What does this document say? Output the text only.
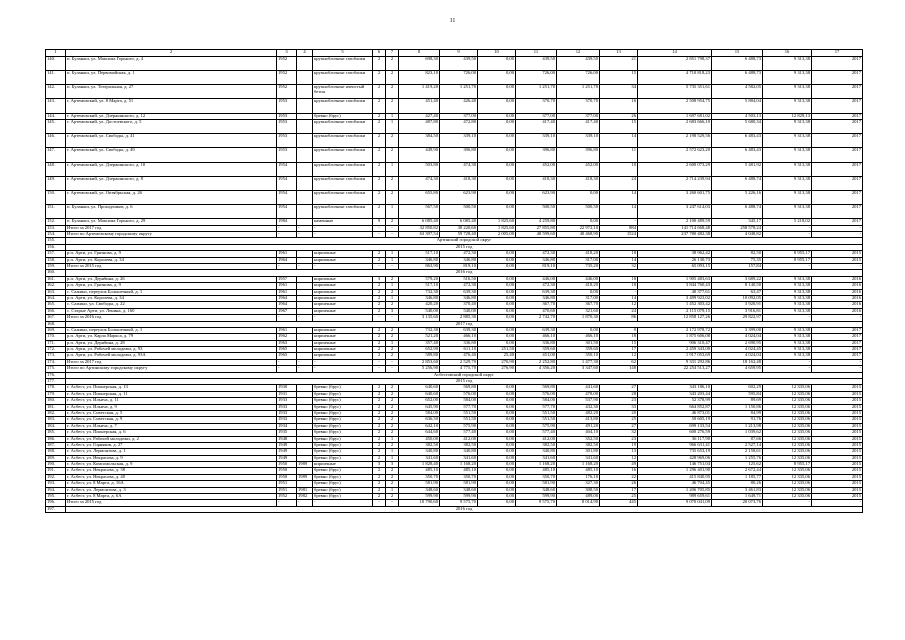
11
1	2	3	4	5	6	7	8	9	10	11	12	13	14	15	16	17
140.	п. Буланаш, ул. Максима Горького, д. 4	1952		крупноблочные газоблоки	2	2	698,30	439,50	0,00	439,50	439,50	21	2 851 798,37	6 488,73	9 313,38	2017
141.	п. Буланаш, ул. Первомайская, д. 1	1952		крупноблочные газоблоки	2	2	823,10	726,00	0,00	726,00	726,00	15	4 710 818,23	6 488,73	9 313,38	2017
142.	п. Буланаш, ул. Театральная, д. 27	1952		крупноблочные ячеистый бетон	2	2	1 419,20	1 251,70	0,00	1 251,70	1 251,70	34	5 735 351,61	4 582,05	9 313,38	2017
143.	г. Артемовский, ул. 8 Марта, д. 51	1953		крупноблочные газоблоки	2	2	451,40	426,40	0,00	370,70	370,70	16	2 508 954,75	5 884,04	9 313,38	2017
144.	г. Артемовский, ул. Дзержинского, д. 12	1953		бревно (брус)	2	1	427,40	377,00	0,00	377,00	377,00	26	1 697 681,02	4 503,13	12 829,13	2017
145.	г. Артемовский, ул. Достоевского, д. 5	1953		крупноблочные газоблоки	2	1	487,80	472,80	0,00	417,40	417,40	15	2 683 666,10	5 680,34	9 313,38	2017
146.	г. Артемовский, ул. Свободы, д. 41	1953		крупноблочные газоблоки	2	2	384,50	339,10	0,00	339,10	339,10	14	2 198 529,56	6 483,43	9 313,38	2017
147.	г. Артемовский, ул. Свободы, д. 49	1953		крупноблочные газоблоки	2	2	449,90	396,80	0,00	396,80	396,80	11	2 572 623,20	6 483,43	9 313,38	2017
148.	г. Артемовский, ул. Дзержинского, д. 10	1954		крупноблочные газоблоки	2	1	503,80	474,30	0,00	452,00	452,00	10	2 600 073,29	5 481,92	9 313,38	2017
149.	г. Артемовский, ул. Дзержинского, д. 8	1954		крупноблочные газоблоки	2	2	474,30	418,30	0,00	418,30	418,30	24	2 714 239,94	6 488,74	9 313,38	2017
150.	г. Артемовский, ул. Октябрьская, д. 26	1954		крупноблочные газоблоки	2	2	655,80	623,90	0,00	623,90	0,00	14	3 260 601,75	5 226,16	9 313,38	2017
151.	п. Буланаш, ул. Проходчиков, д. 6	1954		крупноблочные газоблоки	2	1	567,50	500,50	0,00	500,50	500,50	14	3 247 614,03	6 488,74	9 313,38	2017
152.	п. Буланаш, ул. Максима Горького, д. 29	1984		каменные	9	2	6 085,40	6 085,40	1 825,60	4 259,80	0,00	-	2 100 489,59	345,17	5 218,02	2017
153.	Итого за 2017 год	-	-	-	-	-	32 850,82	30 220,60	1 825,60	27 855,80	22 972,10	884	141 714 668,48	258 578,24	-	-
154.	Итого по Артемовскому городскому округу	-	-	-	-	-	63 397,54	59 728,40	2 005,00	48 599,60	40 468,90	1524	237 780 482,38	4 048,82	-	-
155.	Артинский городской округ															
156.	2015 год															
157.	р.п. Арти, ул. Грязнова, д. 9	1961		кирпичные	2	1	517,10	472,30	0,00	472,30	418,20	18	38 962,42	82,50	8 955,17	2015
158.	р.п. Арти, ул. Королева, д. 34	1964		кирпичные	2	1	346,80	346,80	0,00	346,80	317,00	14	26 130,73	75,35	8 955,17	2015
159.	Итого за 2015 год	-	-	-	-	-	863,90	819,10	0,00	819,10	735,20	32	65 093,15	157,84	-	-
160.	2016 год															
161.	р.п. Арти, ул. Дерябина, д. 26	1957		кирпичные	3	2	579,20	516,50	0,00	446,00	446,00	18	1 905 483,63	3 689,22	9 313,38	2016
162.	р.п. Арти, ул. Грязнова, д. 9	1961		кирпичные	2	1	517,10	472,30	0,00	472,30	418,20	18	3 844 760,43	8 140,50	9 313,38	2016
163.	с. Сажино, переулок Большечный, д. 1	1961		кирпичные	2	2	732,30	639,30	0,00	639,30	0,00	-	40 377,61	63,47	9 313,38	2016
164.	р.п. Арти, ул. Королева, д. 34	1964		кирпичные	2	1	346,80	346,80	0,00	346,80	317,00	14	3 499 923,02	10 092,05	9 313,38	2016
165.	с. Сажино, ул. Свободы, д. 22	1964		кирпичные	2	2	420,20	370,40	0,00	367,70	367,70	12	1 452 303,42	3 920,91	9 313,38	2016
166.	с. Старые Арти, ул. Ленина, д. 160	1967		кирпичные	2	3	540,00	540,00	0,00	470,60	321,60	24	2 115 079,15	3 916,81	9 313,38	2016
167.	Итого за 2016 год	-	-	-	-	-	3 135,60	2 885,30	0,00	2 742,70	1 870,30	86	12 858 127,26	29 822,97	-	-
168.	2017 год															
169.	с. Сажино, переулок Большечный, д. 1	1961		кирпичные	2	2	732,30	639,30	0,00	639,30	0,00	0	2 172 978,72	3 399,00	9 313,38	2017
170.	р.п. Арти, ул. Карла Маркса, д. 79	1962		кирпичные	2	2	521,20	466,10	0,00	466,10	466,10	18	1 875 606,08	4 024,04	9 313,38	2017
171.	р.п. Арти, ул. Дерябина, д. 28	1963		кирпичные	2	1	357,40	336,80	0,00	336,80	301,50	15	906 310,47	2 690,95	9 313,38	2017
172.	р.п. Арти, ул. Рабочей молодежи, д. 93	1965		кирпичные	2	2	652,90	611,10	251,50	359,60	359,60	17	2 459 343,00	4 024,45	9 313,38	2017
173.	р.п. Арти, ул. Рабочей молодежи, д. 93А	1965		кирпичные	2	2	589,80	476,40	25,40	451,00	350,10	12	1 917 053,69	4 024,04	9 313,38	2017
174.	Итого за 2017 год	-	-	-	-	-	2 853,60	2 529,70	276,90	2 252,80	1 477,30	62	9 331 292,86	18 162,48	-	-
175.	Итого по Артинскому городскому округу	-	-	-	-	-	5 256,90	4 775,70	276,90	4 356,20	3 347,60	148	22 254 513,27	4 659,95	-	-
176.	Асбестовский городской округ															
177.	2015 год															
178.	г. Асбест, ул. Пионерская, д. 13	1930		бревно (брус)	2	2	640,60	569,80	0,00	569,80	441,60	27	343 186,10	602,29	12 335,06	2015
179.	г. Асбест, ул. Пионерская, д. 11	1931		бревно (брус)	2	2	640,60	576,00	0,00	576,00	478,00	28	343 203,44	595,84	12 335,06	2015
180.	г. Асбест, ул. Ильича, д. 11	1933		бревно (брус)	2	2	652,00	584,00	0,00	584,00	537,90	23	52 378,99	89,69	12 335,06	2015
181.	г. Асбест, ул. Ильича, д. 9	1933		бревно (брус)	2	2	645,90	577,70	0,00	577,70	432,30	33	664 852,87	1 150,86	12 335,06	2015
182.	г. Асбест, ул. Советская, д. 5	1933		бревно (брус)	2	2	584,00	551,50	0,00	551,50	482,20	20	46 873,01	84,99	12 335,06	2015
183.	г. Асбест, ул. Советская, д. 9	1933		бревно (брус)	2	2	636,50	551,50	0,00	551,50	413,80	25	50 605,19	91,76	12 335,06	2015
184.	г. Асбест, ул. Ильича, д. 7	1934		бревно (брус)	2	2	642,10	575,90	0,00	575,90	491,20	27	699 133,54	1 213,98	12 335,06	2015
185.	г. Асбест, ул. Пионерская, д. 6	1935		бревно (брус)	2	2	644,60	577,40	0,00	577,40	404,10	32	600 276,59	1 039,62	12 335,06	2015
186.	г. Асбест, ул. Рабочей молодежи, д. 2	1948		бревно (брус)	2	1	450,00	412,00	0,00	412,00	352,50	23	36 117,90	87,66	12 335,06	2015
187.	г. Асбест, ул. Горняков, д. 27	1949		бревно (брус)	2	2	382,50	382,50	0,00	382,50	382,50	19	966 631,41	2 527,14	12 335,06	2015
188.	г. Асбест, ул. Лермонтова, д. 1	1949		бревно (брус)	2	1	340,80	340,80	0,00	340,80	301,80	13	735 653,19	2 158,61	12 335,06	2015
189.	г. Асбест, ул. Некрасова, д. 9	1949		бревно (брус)	2	1	341,60	341,60	0,00	341,60	341,60	12	428 969,06	1 255,76	12 335,06	2015
190.	г. Асбест, ул. Комсомольская, д. 9	1950	1989	кирпичные	3	3	1 828,40	1 168,20	0,00	1 168,20	1 168,20	49	146 751,04	125,62	8 955,17	2015
191.	г. Асбест, ул. Некрасова, д. 38	1950		бревно (брус)	2	2	485,10	485,10	0,00	485,10	485,10	16	1 296 401,90	2 672,44	12 335,06	2015
192.	г. Асбест, ул. Некрасова, д. 40	1950	1989	бревно (брус)	2	2	350,70	350,70	0,00	350,70	176,10	22	415 840,95	1 185,77	12 335,06	2015
193.	г. Асбест, ул. 8 Марта, д. 16А	1951		бревно (брус)	2	2	581,90	581,90	0,00	581,90	327,30	26	46 704,45	80,26	12 335,06	2015
194.	г. Асбест, ул. Лермонтова, д. 3	1951	1981	бревно (брус)	2	1	348,60	348,60	0,00	348,60	308,50	17	1 206 705,85	3 461,83	12 335,06	2015
195.	г. Асбест, ул. 8 Марта, д. 6А	1952	1982	бревно (брус)	2	2	599,90	599,90	0,00	599,90	489,00	25	989 659,61	1 649,71	12 335,06	2015
196.	Итого за 2015 год	-	-	-	-	-	10 790,60	9 575,70	0,00	9 575,70	8 014,90	445	9 070 041,09	20 073,76	-	-
197.	2016 год															
